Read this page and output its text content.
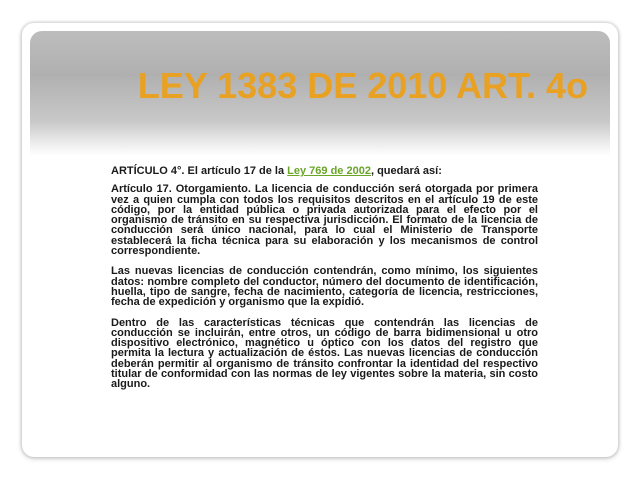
LEY 1383 DE 2010 ART. 4o

ARTÍCULO 4°. El artículo 17 de la Ley 769 de 2002, quedará así:

Artículo 17. Otorgamiento. La licencia de conducción será otorgada por primera vez a quien cumpla con todos los requisitos descritos en el artículo 19 de este código, por la entidad pública o privada autorizada para el efecto por el organismo de tránsito en su respectiva jurisdicción. El formato de la licencia de conducción será único nacional, para lo cual el Ministerio de Transporte establecerá la ficha técnica para su elaboración y los mecanismos de control correspondiente.

Las nuevas licencias de conducción contendrán, como mínimo, los siguientes datos: nombre completo del conductor, número del documento de identificación, huella, tipo de sangre, fecha de nacimiento, categoría de licencia, restricciones, fecha de expedición y organismo que la expidió.

Dentro de las características técnicas que contendrán las licencias de conducción se incluirán, entre otros, un código de barra bidimensional u otro dispositivo electrónico, magnético u óptico con los datos del registro que permita la lectura y actualización de éstos. Las nuevas licencias de conducción deberán permitir al organismo de tránsito confrontar la identidad del respectivo titular de conformidad con las normas de ley vigentes sobre la materia, sin costo alguno.
